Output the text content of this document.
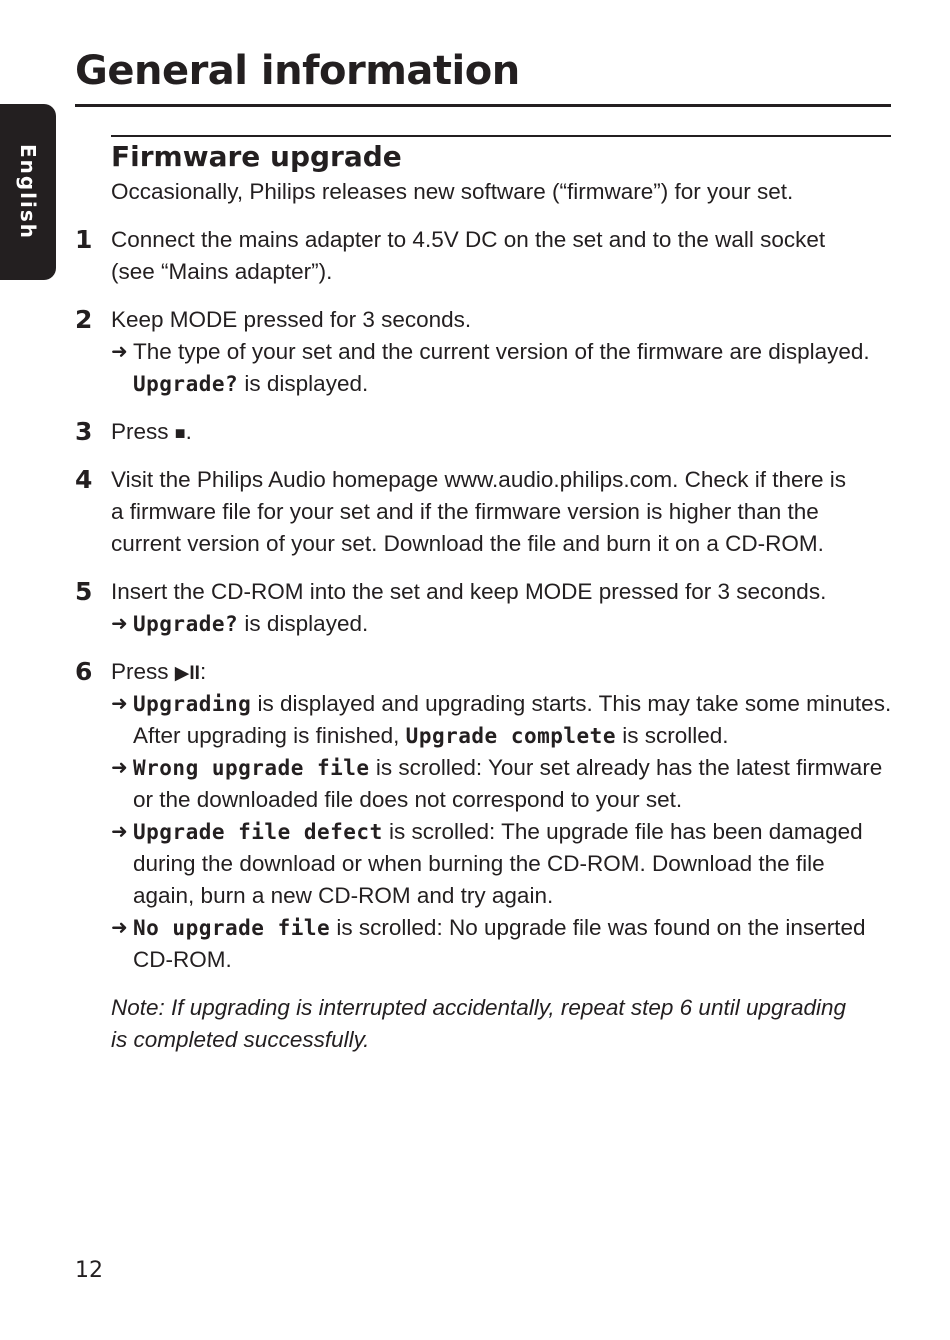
General information
English	Firmware upgrade
Occasionally, Philips releases new software (“firmware”) for your set.
1 Connect the mains adapter to 4.5V DC on the set and to the wall socket
(see “Mains adapter”).
2 Keep MODE pressed for 3 seconds.
➜ The type of your set and the current version of the firmware are displayed.
Upgrade? is displayed.
3 Press ■.
4 Visit the Philips Audio homepage www.audio.philips.com. Check if there is
a firmware file for your set and if the firmware version is higher than the
current version of your set. Download the file and burn it on a CD-ROM.
5 Insert the CD-ROM into the set and keep MODE pressed for 3 seconds.
➜ Upgrade? is displayed.
6 Press ▶II:
➜ Upgrading is displayed and upgrading starts. This may take some minutes.
After upgrading is finished, Upgrade complete is scrolled.
➜ Wrong upgrade file is scrolled: Your set already has the latest firmware
or the downloaded file does not correspond to your set.
➜ Upgrade file defect is scrolled: The upgrade file has been damaged
during the download or when burning the CD-ROM. Download the file
again, burn a new CD-ROM and try again.
➜ No upgrade file is scrolled: No upgrade file was found on the inserted
CD-ROM.
Note: If upgrading is interrupted accidentally, repeat step 6 until upgrading
is completed successfully.
12
